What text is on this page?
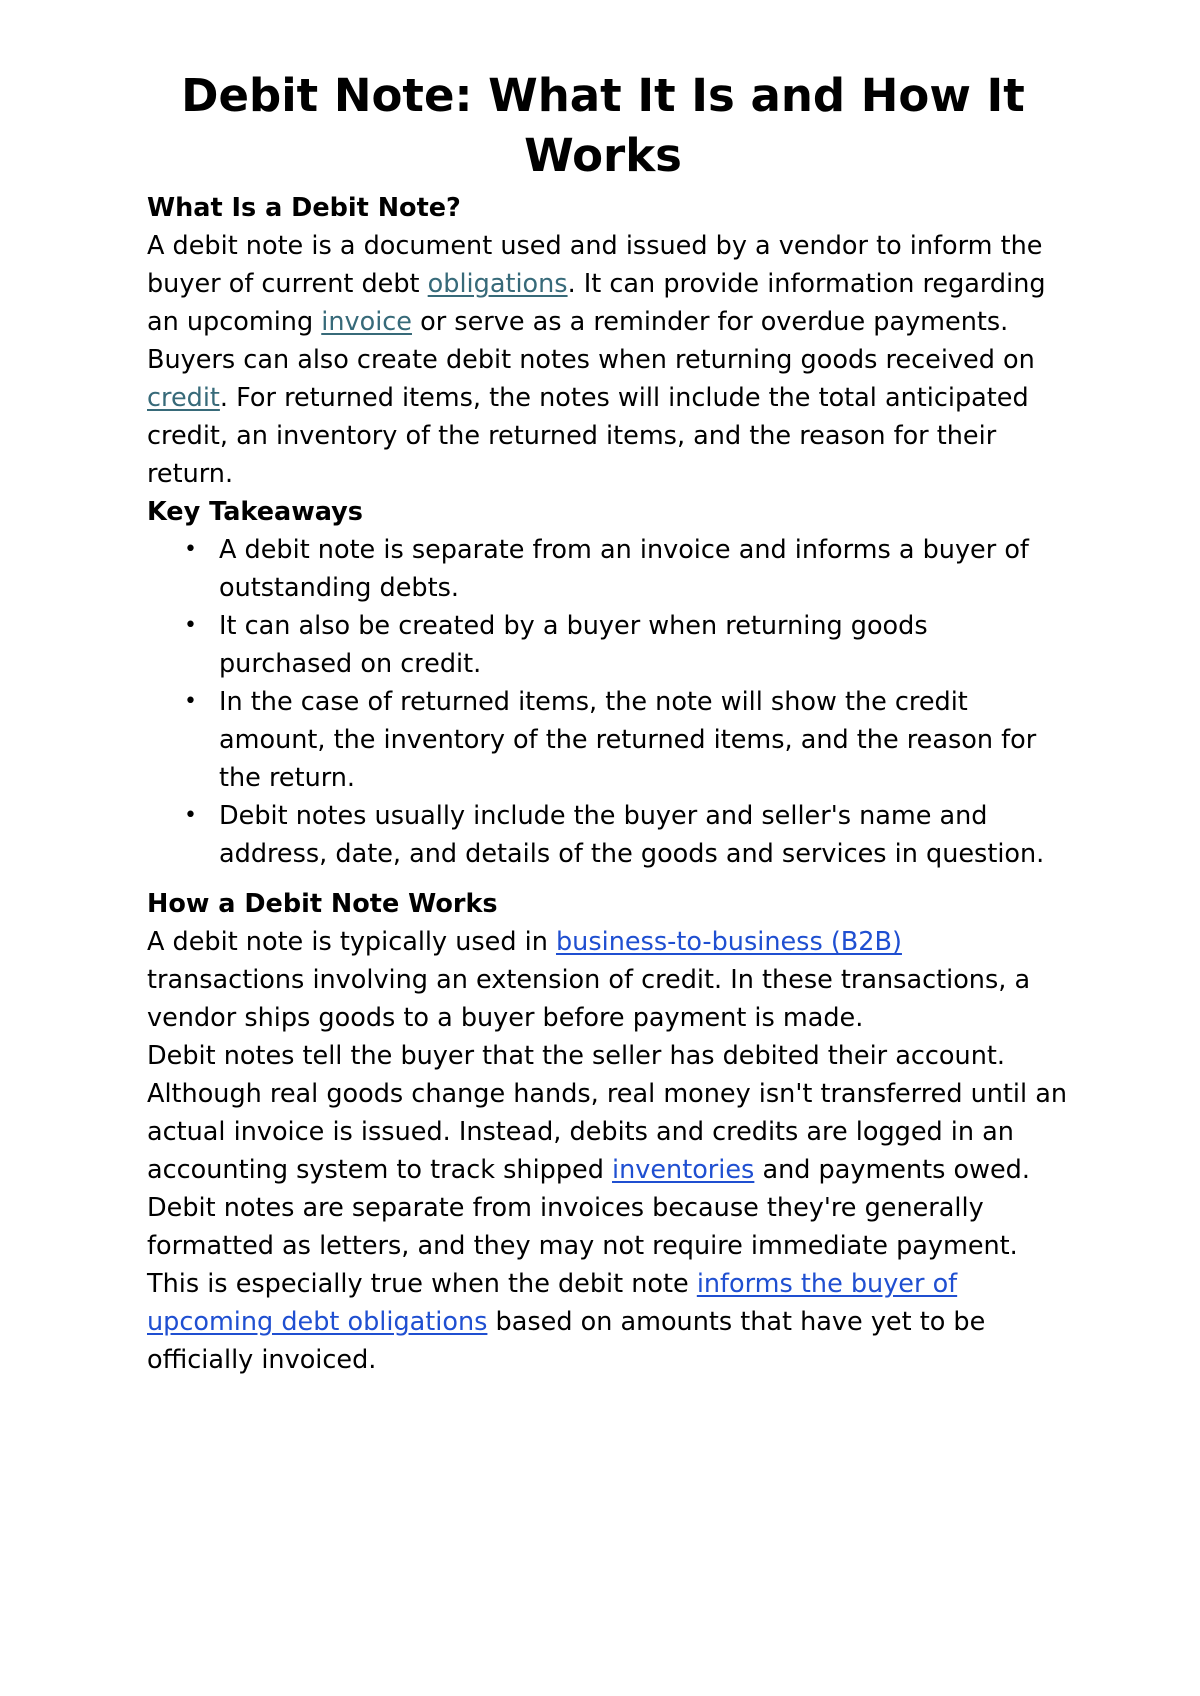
Debit Note: What It Is and How It Works
What Is a Debit Note?

A debit note is a document used and issued by a vendor to inform the buyer of current debt obligations. It can provide information regarding an upcoming invoice or serve as a reminder for overdue payments.

Buyers can also create debit notes when returning goods received on credit. For returned items, the notes will include the total anticipated credit, an inventory of the returned items, and the reason for their return.

Key Takeaways
• A debit note is separate from an invoice and informs a buyer of outstanding debts.
• It can also be created by a buyer when returning goods purchased on credit.
• In the case of returned items, the note will show the credit amount, the inventory of the returned items, and the reason for the return.
• Debit notes usually include the buyer and seller's name and address, date, and details of the goods and services in question.
How a Debit Note Works

A debit note is typically used in business-to-business (B2B) transactions involving an extension of credit. In these transactions, a vendor ships goods to a buyer before payment is made.

Debit notes tell the buyer that the seller has debited their account. Although real goods change hands, real money isn't transferred until an actual invoice is issued. Instead, debits and credits are logged in an accounting system to track shipped inventories and payments owed.

Debit notes are separate from invoices because they're generally formatted as letters, and they may not require immediate payment. This is especially true when the debit note informs the buyer of upcoming debt obligations based on amounts that have yet to be officially invoiced.
